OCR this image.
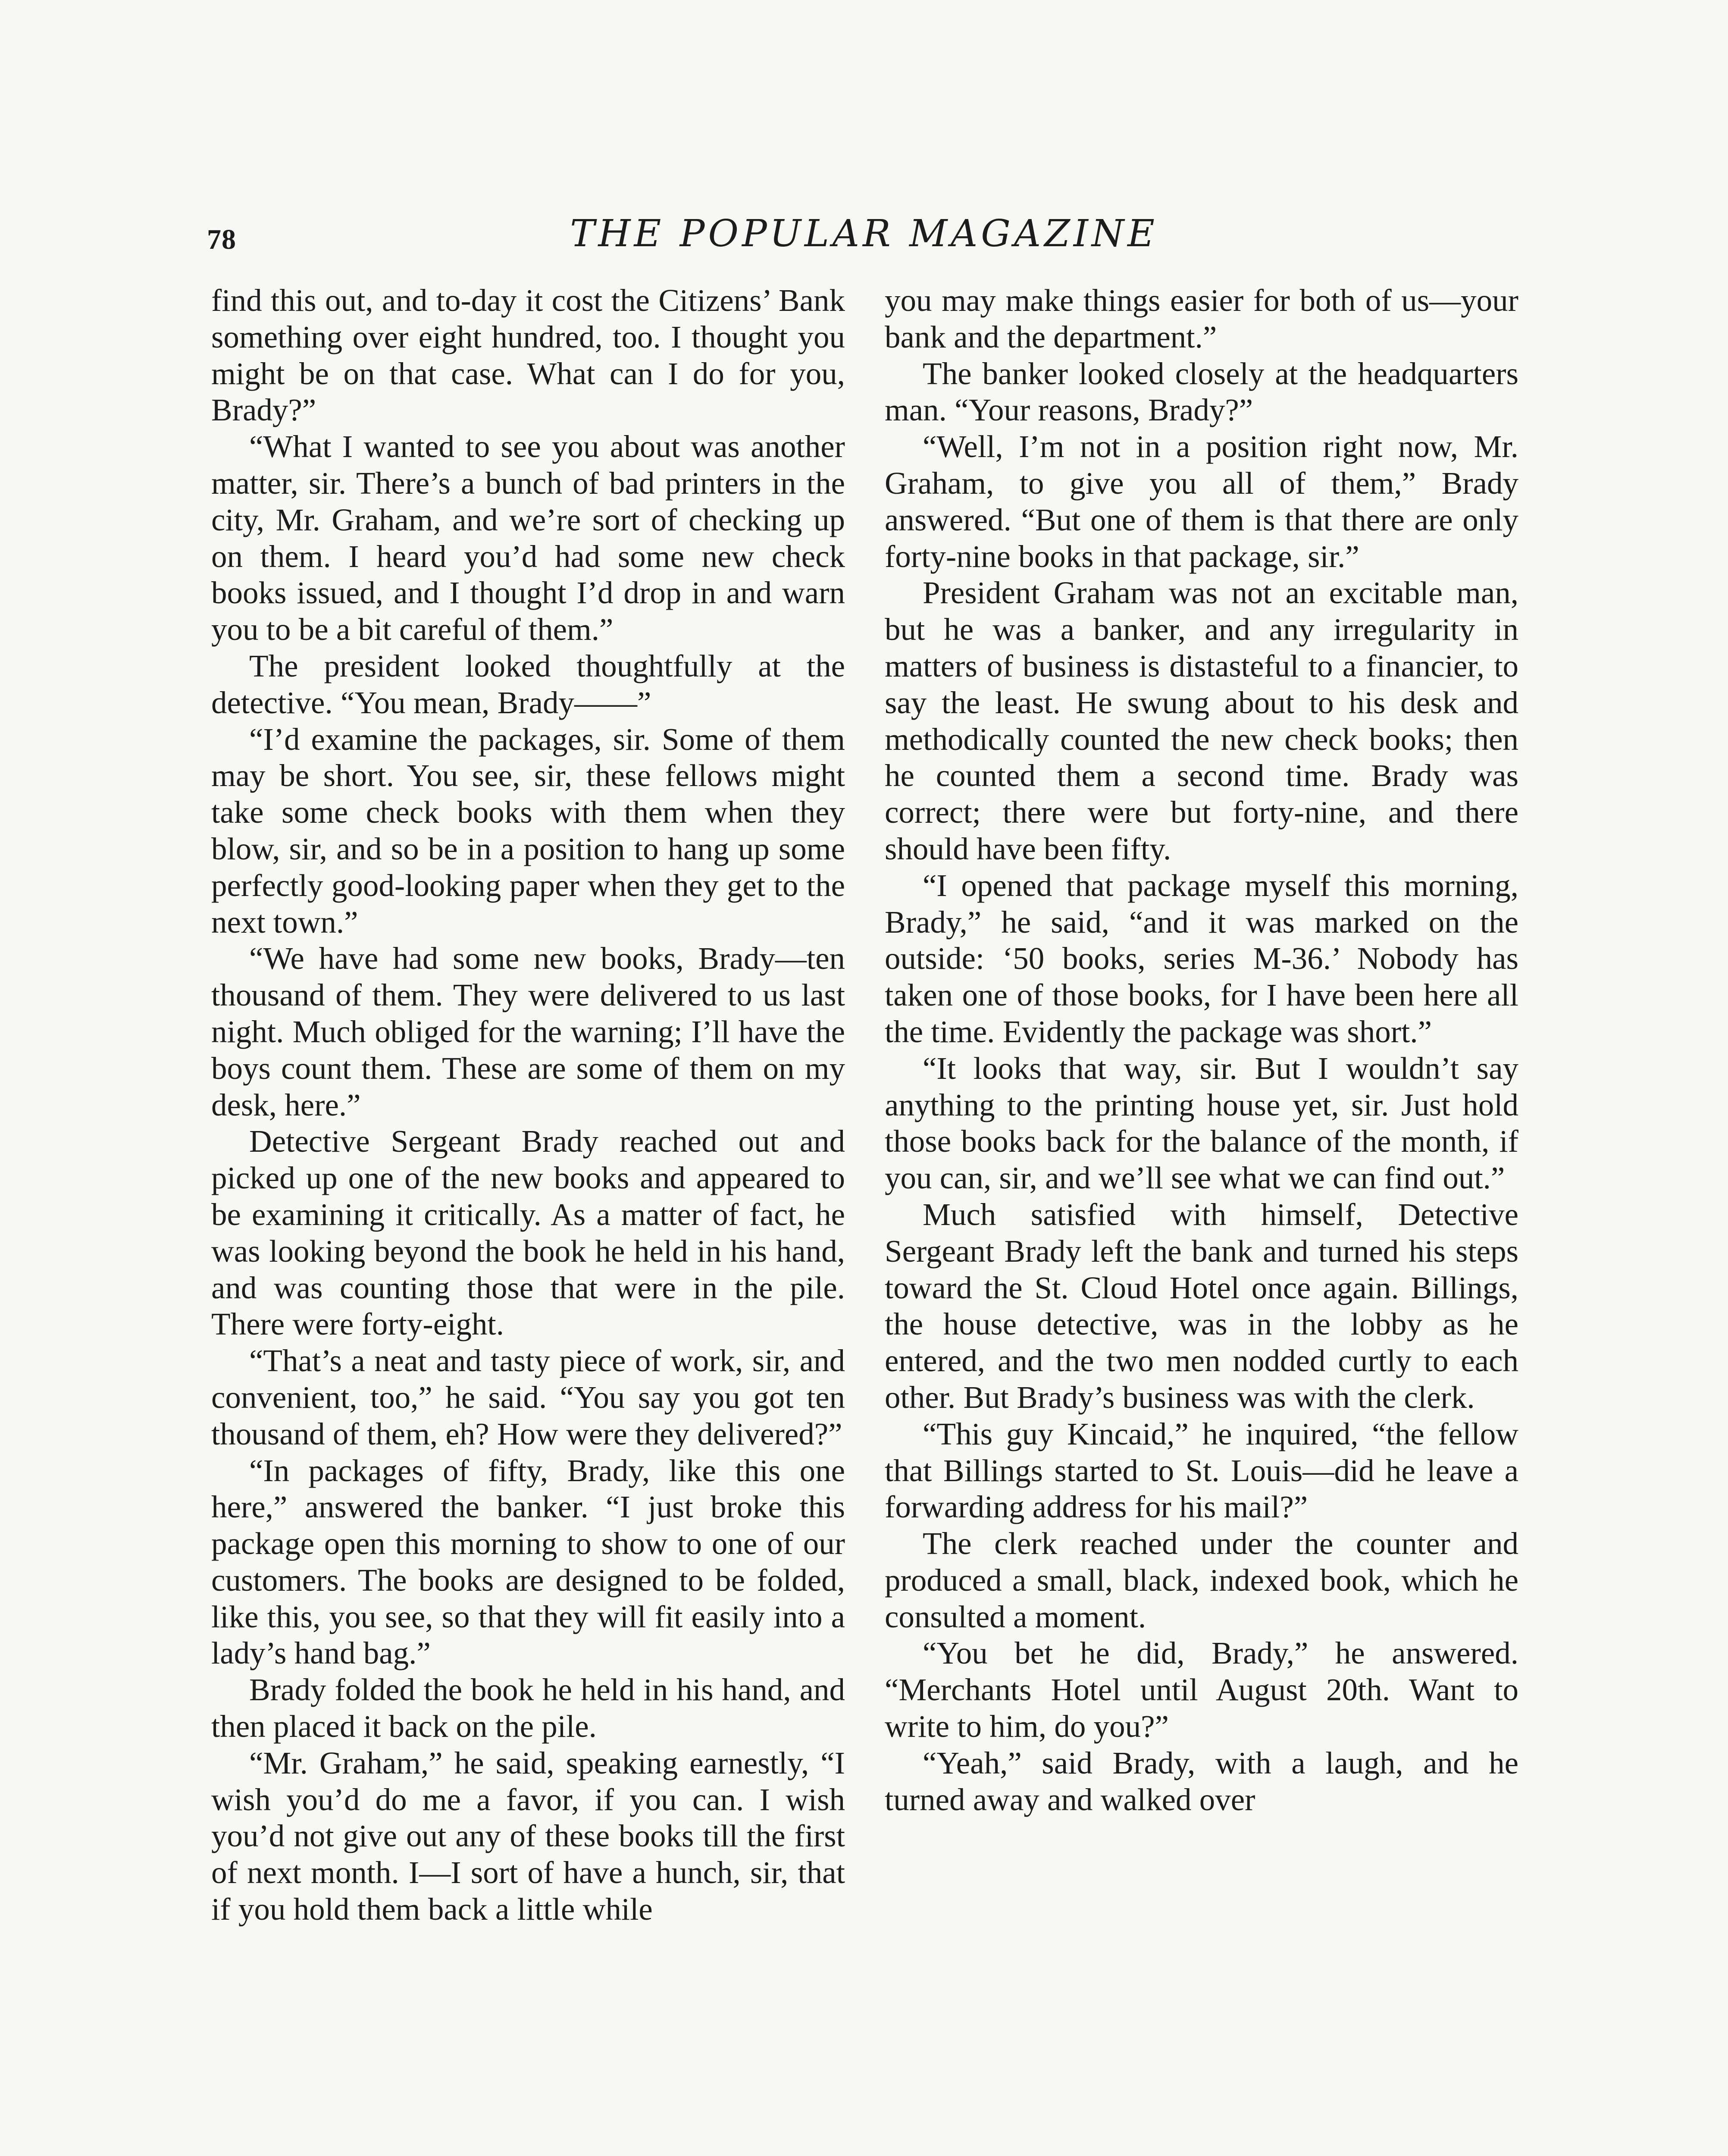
78	THE POPULAR MAGAZINE

find this out, and to-day it cost the Citizens’ Bank something over eight hundred, too. I thought you might be on that case. What can I do for you, Brady?”

“What I wanted to see you about was another matter, sir. There’s a bunch of bad printers in the city, Mr. Graham, and we’re sort of checking up on them. I heard you’d had some new check books issued, and I thought I’d drop in and warn you to be a bit careful of them.”

The president looked thoughtfully at the detective. “You mean, Brady——”

“I’d examine the packages, sir. Some of them may be short. You see, sir, these fellows might take some check books with them when they blow, sir, and so be in a position to hang up some perfectly good-looking paper when they get to the next town.”

“We have had some new books, Brady—ten thousand of them. They were delivered to us last night. Much obliged for the warning; I’ll have the boys count them. These are some of them on my desk, here.”

Detective Sergeant Brady reached out and picked up one of the new books and appeared to be examining it critically. As a matter of fact, he was looking beyond the book he held in his hand, and was counting those that were in the pile. There were forty-eight.

“That’s a neat and tasty piece of work, sir, and convenient, too,” he said. “You say you got ten thousand of them, eh? How were they delivered?”

“In packages of fifty, Brady, like this one here,” answered the banker. “I just broke this package open this morning to show to one of our customers. The books are designed to be folded, like this, you see, so that they will fit easily into a lady’s hand bag.”

Brady folded the book he held in his hand, and then placed it back on the pile.

“Mr. Graham,” he said, speaking earnestly, “I wish you’d do me a favor, if you can. I wish you’d not give out any of these books till the first of next month. I—I sort of have a hunch, sir, that if you hold them back a little while

you may make things easier for both of us—your bank and the department.”

The banker looked closely at the headquarters man. “Your reasons, Brady?”

“Well, I’m not in a position right now, Mr. Graham, to give you all of them,” Brady answered. “But one of them is that there are only forty-nine books in that package, sir.”

President Graham was not an excitable man, but he was a banker, and any irregularity in matters of business is distasteful to a financier, to say the least. He swung about to his desk and methodically counted the new check books; then he counted them a second time. Brady was correct; there were but forty-nine, and there should have been fifty.

“I opened that package myself this morning, Brady,” he said, “and it was marked on the outside: ‘50 books, series M-36.’ Nobody has taken one of those books, for I have been here all the time. Evidently the package was short.”

“It looks that way, sir. But I wouldn’t say anything to the printing house yet, sir. Just hold those books back for the balance of the month, if you can, sir, and we’ll see what we can find out.”

Much satisfied with himself, Detective Sergeant Brady left the bank and turned his steps toward the St. Cloud Hotel once again. Billings, the house detective, was in the lobby as he entered, and the two men nodded curtly to each other. But Brady’s business was with the clerk.

“This guy Kincaid,” he inquired, “the fellow that Billings started to St. Louis—did he leave a forwarding address for his mail?”

The clerk reached under the counter and produced a small, black, indexed book, which he consulted a moment.

“You bet he did, Brady,” he answered. “Merchants Hotel until August 20th. Want to write to him, do you?”

“Yeah,” said Brady, with a laugh, and he turned away and walked over
